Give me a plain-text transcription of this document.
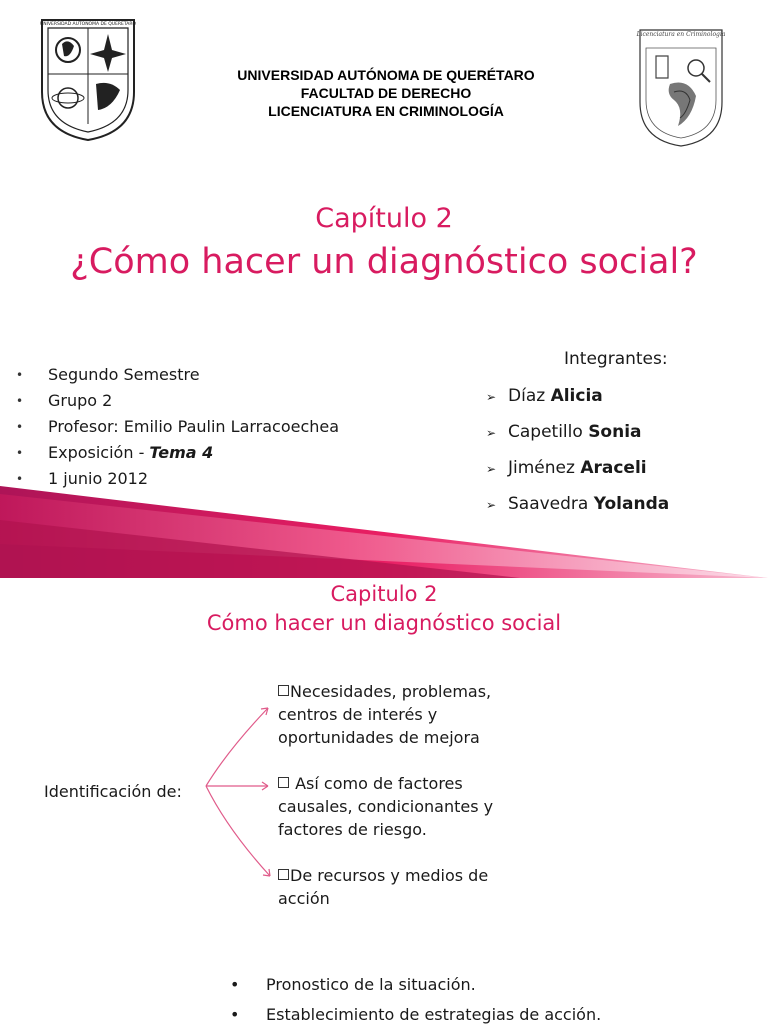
UNIVERSIDAD AUTONOMA DE QUERETARO
Licenciatura en Criminología
UNIVERSIDAD AUTÓNOMA DE QUERÉTARO
FACULTAD DE DERECHO
LICENCIATURA EN CRIMINOLOGÍA
Capítulo 2
¿Cómo hacer un diagnóstico social?
•	Segundo Semestre
•	Grupo 2
•	Profesor: Emilio Paulin Larracoechea
•	Exposición - Tema 4
•	1 junio 2012
Integrantes:
➢ Díaz Alicia
➢ Capetillo Sonia
➢ Jiménez Araceli
➢ Saavedra Yolanda
Capitulo 2
Cómo hacer un diagnóstico social
Identificación de:
Necesidades, problemas,
centros de interés y
oportunidades de mejora
Así como de factores
causales, condicionantes y
factores de riesgo.
De recursos y medios de
acción
• Pronostico de la situación.
• Establecimiento de estrategias de acción.
